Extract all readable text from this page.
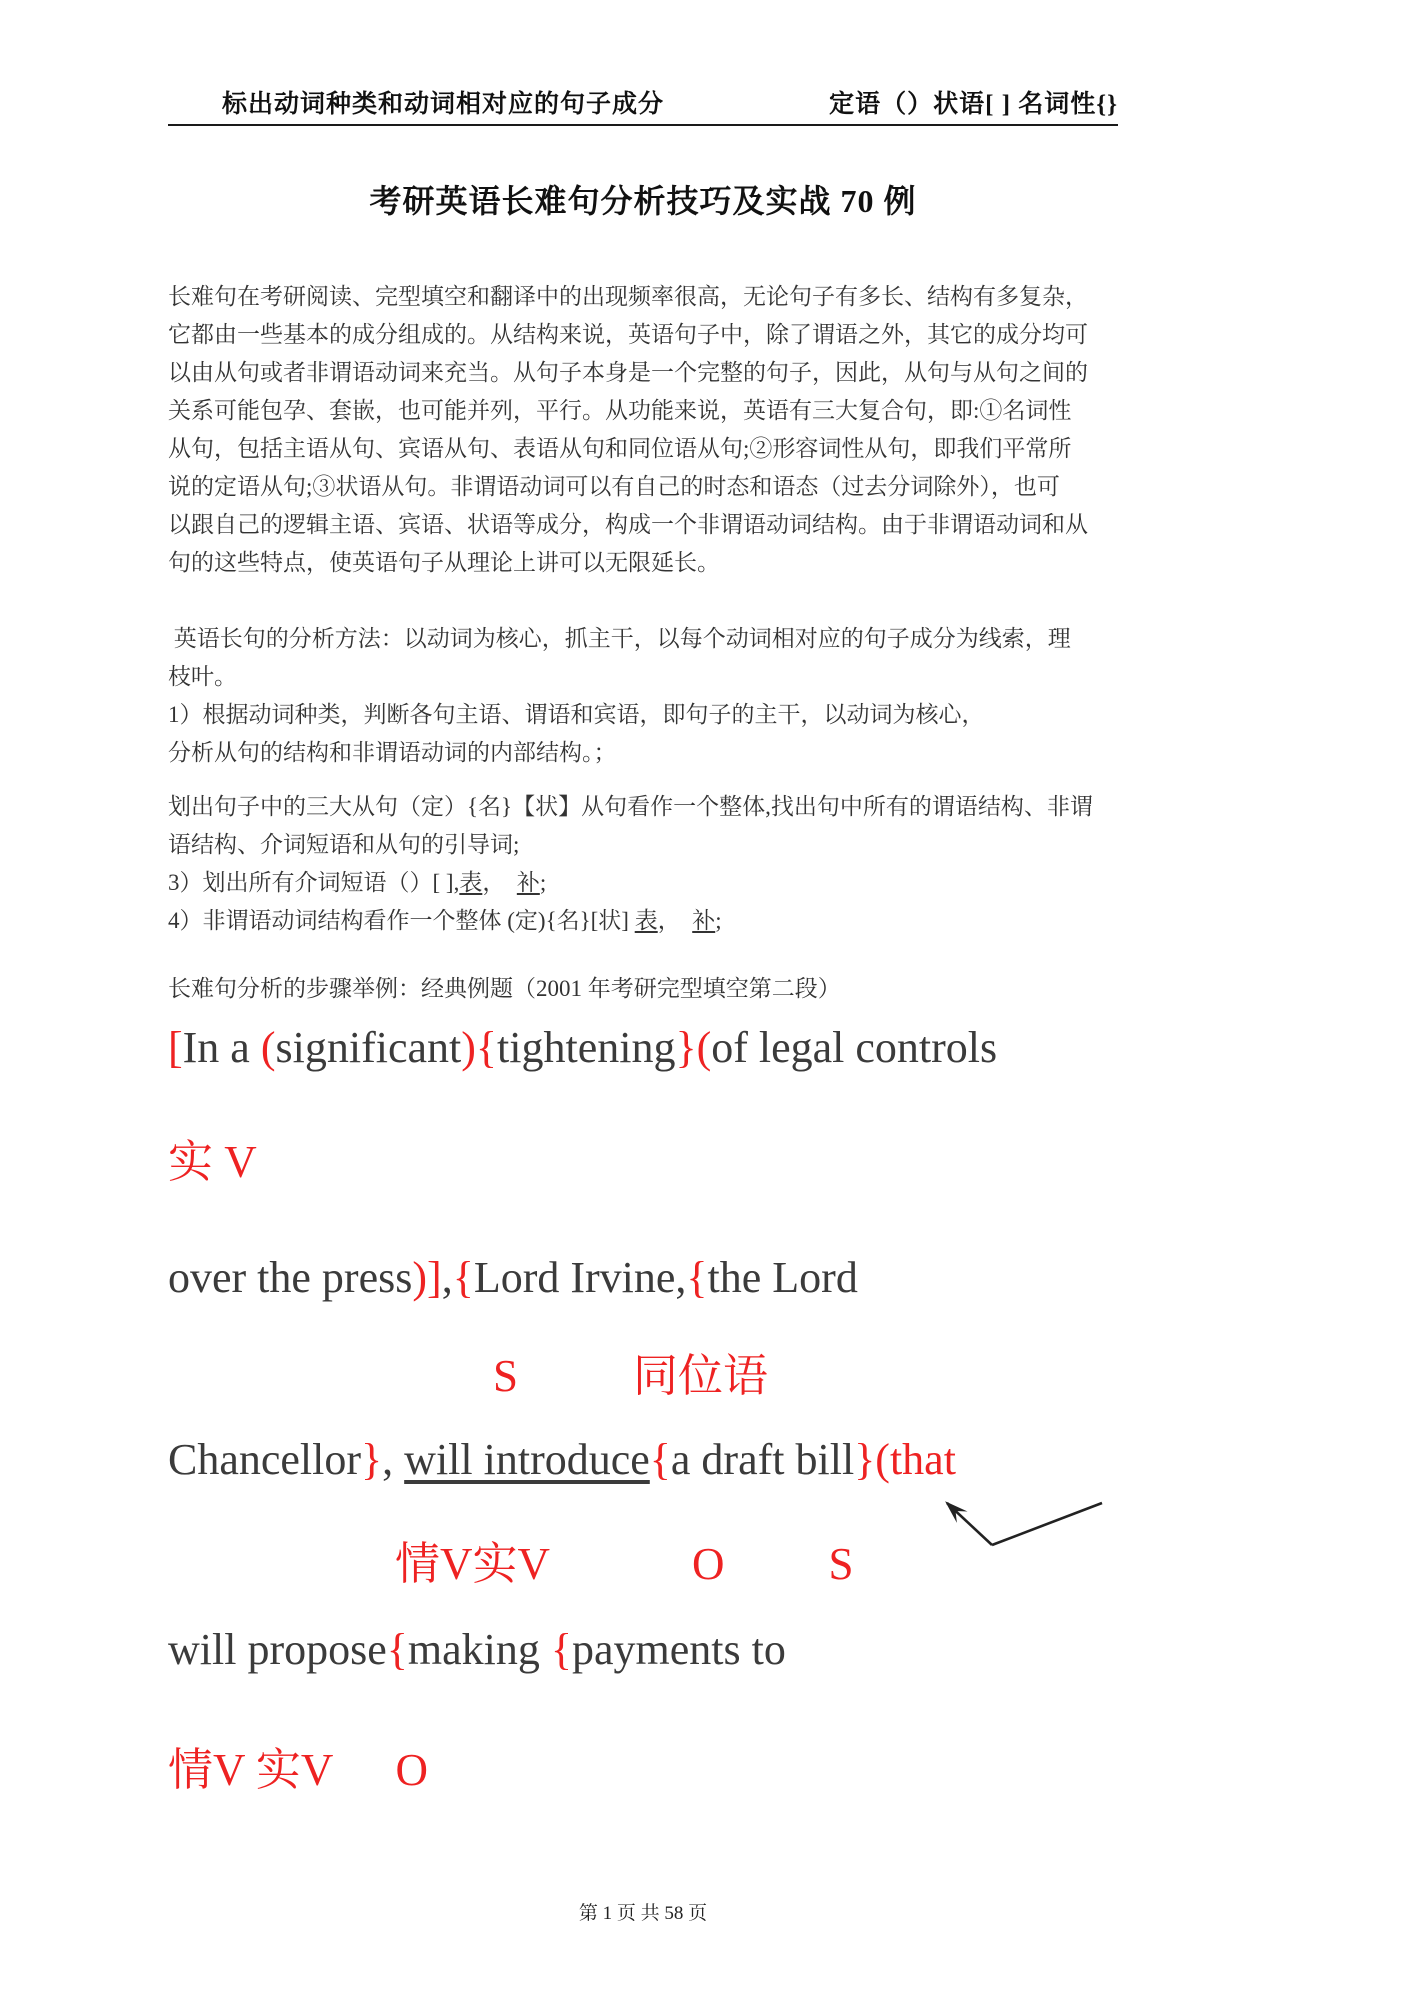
标出动词种类和动词相对应的句子成分	定语（）状语[ ] 名词性{}
考研英语长难句分析技巧及实战 70 例
长难句在考研阅读、完型填空和翻译中的出现频率很高，无论句子有多长、结构有多复杂，
它都由一些基本的成分组成的。从结构来说，英语句子中，除了谓语之外，其它的成分均可
以由从句或者非谓语动词来充当。从句子本身是一个完整的句子，因此，从句与从句之间的
关系可能包孕、套嵌，也可能并列，平行。从功能来说，英语有三大复合句，即:①名词性
从句，包括主语从句、宾语从句、表语从句和同位语从句;②形容词性从句，即我们平常所
说的定语从句;③状语从句。非谓语动词可以有自己的时态和语态（过去分词除外），也可
以跟自己的逻辑主语、宾语、状语等成分，构成一个非谓语动词结构。由于非谓语动词和从
句的这些特点，使英语句子从理论上讲可以无限延长。
英语长句的分析方法：以动词为核心，抓主干，以每个动词相对应的句子成分为线索，理
枝叶。
1）根据动词种类，判断各句主语、谓语和宾语，即句子的主干，以动词为核心，
分析从句的结构和非谓语动词的内部结构。；
划出句子中的三大从句（定）{名}【状】从句看作一个整体,找出句中所有的谓语结构、非谓
语结构、介词短语和从句的引导词;
3）划出所有介词短语（）[ ],表，  补;
4）非谓语动词结构看作一个整体 (定){名}[状] 表，  补;
长难句分析的步骤举例：经典例题（2001 年考研完型填空第二段）
[In a (significant){tightening}(of legal controls
实 V
over the press)],{Lord Irvine,{the Lord
S	同位语
Chancellor}, will introduce{a draft bill}(that
情V实V	O S
will propose{making {payments to
情V 实V O
第 1 页 共 58 页
